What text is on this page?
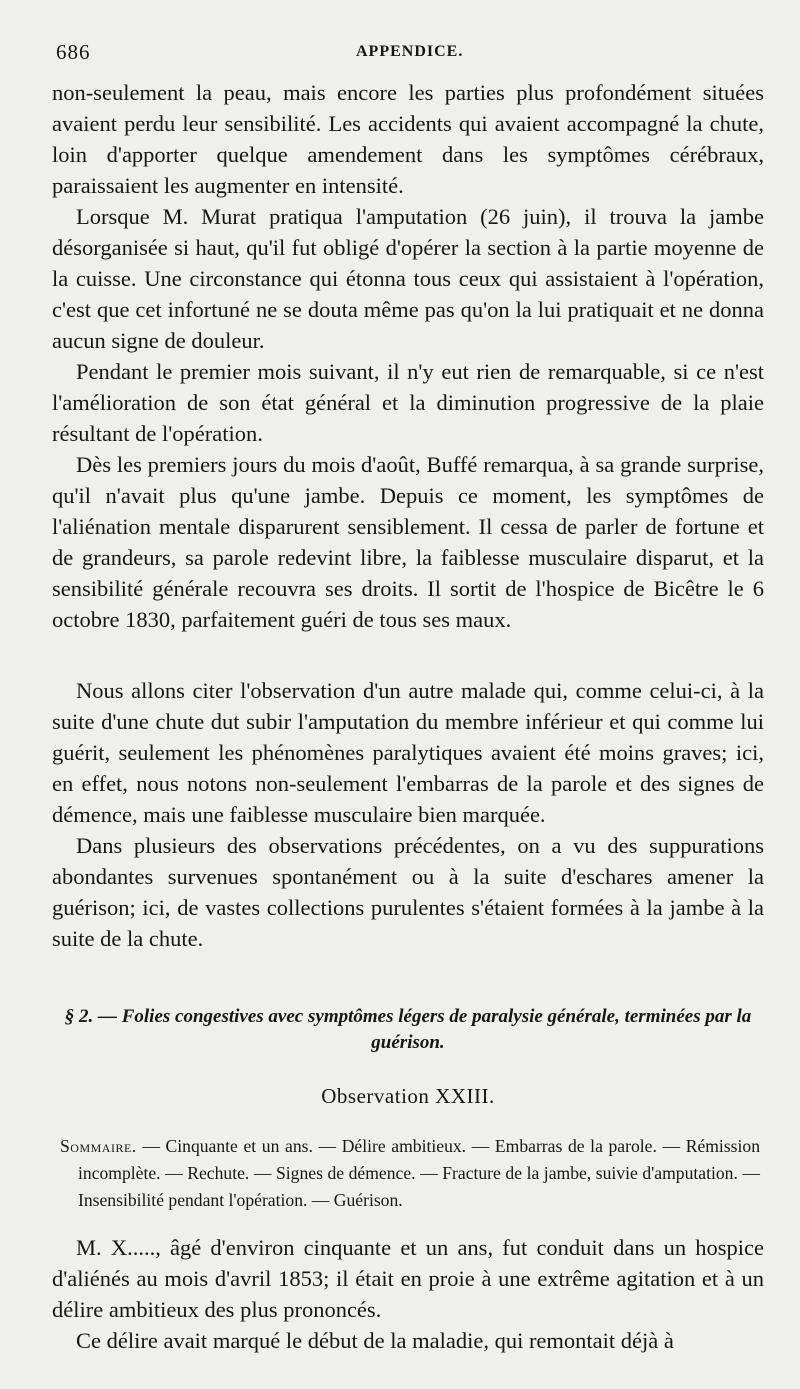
686	APPENDICE.

non-seulement la peau, mais encore les parties plus profondément situées avaient perdu leur sensibilité. Les accidents qui avaient accompagné la chute, loin d'apporter quelque amendement dans les symptômes cérébraux, paraissaient les augmenter en intensité.

Lorsque M. Murat pratiqua l'amputation (26 juin), il trouva la jambe désorganisée si haut, qu'il fut obligé d'opérer la section à la partie moyenne de la cuisse. Une circonstance qui étonna tous ceux qui assistaient à l'opération, c'est que cet infortuné ne se douta même pas qu'on la lui pratiquait et ne donna aucun signe de douleur.

Pendant le premier mois suivant, il n'y eut rien de remarquable, si ce n'est l'amélioration de son état général et la diminution progressive de la plaie résultant de l'opération.

Dès les premiers jours du mois d'août, Buffé remarqua, à sa grande surprise, qu'il n'avait plus qu'une jambe. Depuis ce moment, les symptômes de l'aliénation mentale disparurent sensiblement. Il cessa de parler de fortune et de grandeurs, sa parole redevint libre, la faiblesse musculaire disparut, et la sensibilité générale recouvra ses droits. Il sortit de l'hospice de Bicêtre le 6 octobre 1830, parfaitement guéri de tous ses maux.

Nous allons citer l'observation d'un autre malade qui, comme celui-ci, à la suite d'une chute dut subir l'amputation du membre inférieur et qui comme lui guérit, seulement les phénomènes paralytiques avaient été moins graves; ici, en effet, nous notons non-seulement l'embarras de la parole et des signes de démence, mais une faiblesse musculaire bien marquée.

Dans plusieurs des observations précédentes, on a vu des suppurations abondantes survenues spontanément ou à la suite d'eschares amener la guérison; ici, de vastes collections purulentes s'étaient formées à la jambe à la suite de la chute.

§ 2. — Folies congestives avec symptômes légers de paralysie générale, terminées par la guérison.
Observation XXIII.

Sommaire. — Cinquante et un ans. — Délire ambitieux. — Embarras de la parole. — Rémission incomplète. — Rechute. — Signes de démence. — Fracture de la jambe, suivie d'amputation. — Insensibilité pendant l'opération. — Guérison.

M. X....., âgé d'environ cinquante et un ans, fut conduit dans un hospice d'aliénés au mois d'avril 1853; il était en proie à une extrême agitation et à un délire ambitieux des plus prononcés.

Ce délire avait marqué le début de la maladie, qui remontait déjà à
